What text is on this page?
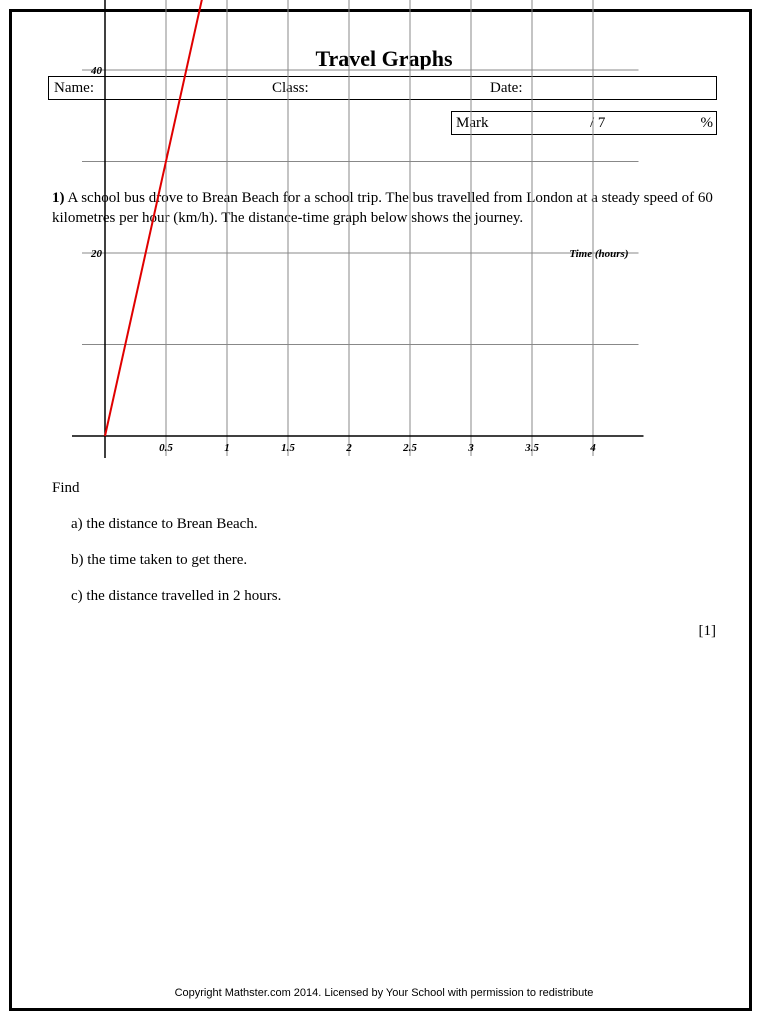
Travel Graphs
Name:	Class:	Date:
Mark	/ 7	%
1) A school bus drove to Brean Beach for a school trip. The bus travelled from London at a steady speed of 60 kilometres per hour (km/h). The distance-time graph below shows the journey.
0.5	1	1.5	2	2.5	3	3.5	4
20
40
Time (hours)
Find
a) the distance to Brean Beach.
b) the time taken to get there.
c) the distance travelled in 2 hours.
[1]
Copyright Mathster.com 2014. Licensed by Your School with permission to redistribute
